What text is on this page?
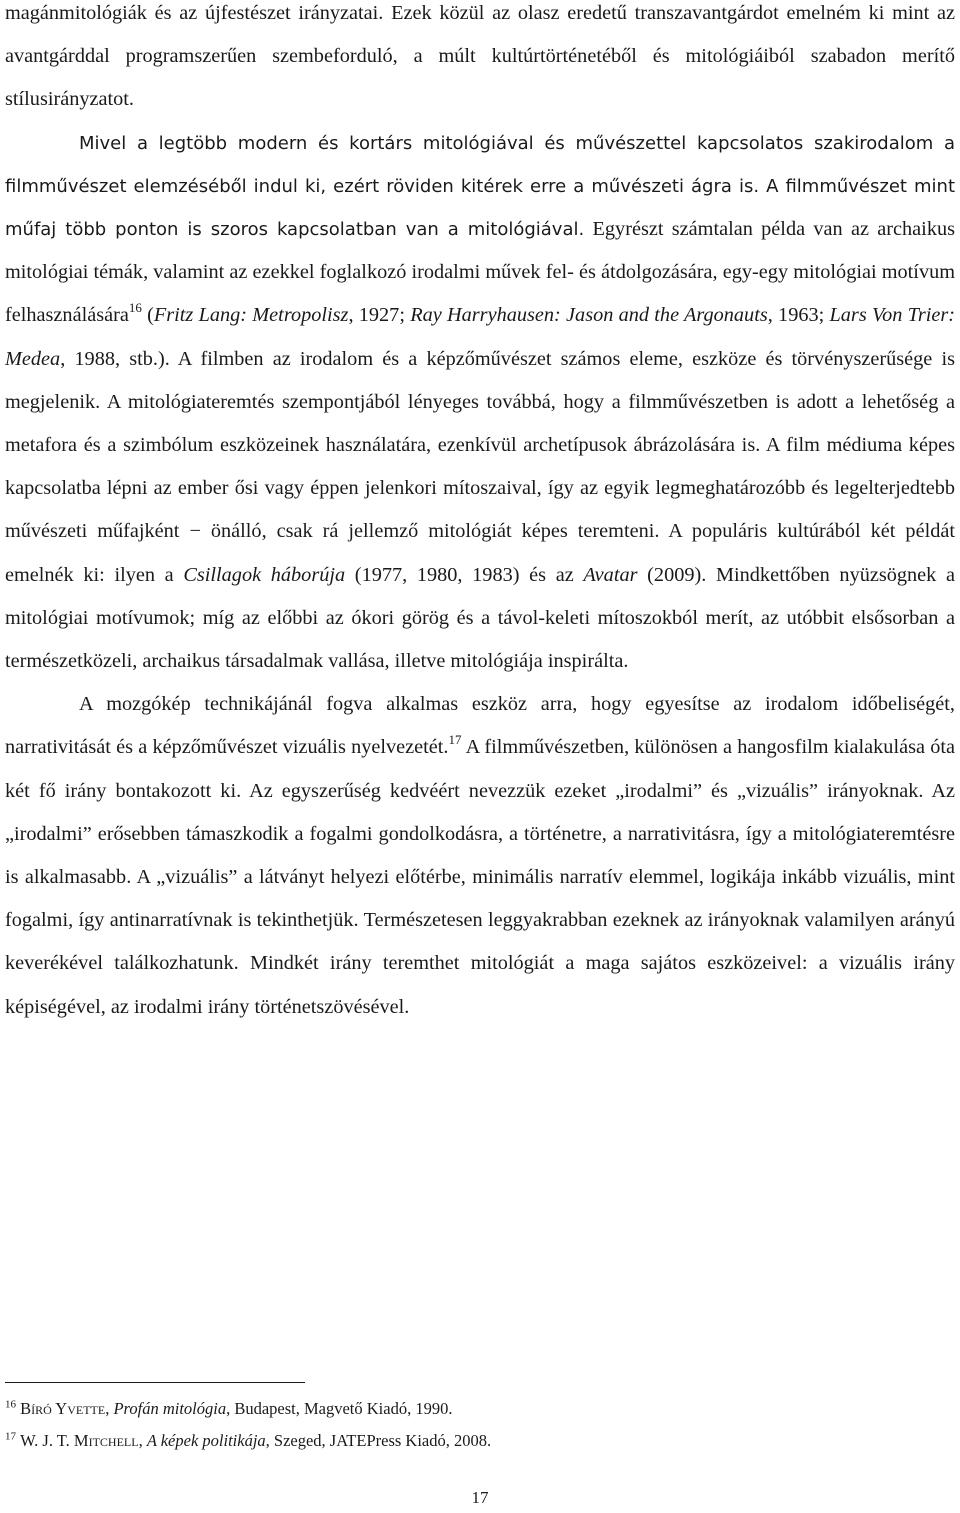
magánmitológiák és az újfestészet irányzatai. Ezek közül az olasz eredetű transzavantgárdot emelném ki mint az avantgárddal programszerűen szembeforduló, a múlt kultúrtörténetéből és mitológiáiból szabadon merítő stílusirányzatot.

Mivel a legtöbb modern és kortárs mitológiával és művészettel kapcsolatos szakirodalom a filmművészet elemzéséből indul ki, ezért röviden kitérek erre a művészeti ágra is. A filmművészet mint műfaj több ponton is szoros kapcsolatban van a mitológiával. Egyrészt számtalan példa van az archaikus mitológiai témák, valamint az ezekkel foglalkozó irodalmi művek fel- és átdolgozására, egy-egy mitológiai motívum felhasználására$^{16}$ (Fritz Lang: Metropolisz, 1927; Ray Harryhausen: Jason and the Argonauts, 1963; Lars Von Trier: Medea, 1988, stb.). A filmben az irodalom és a képzőművészet számos eleme, eszköze és törvényszerűsége is megjelenik. A mitológiateremtés szempontjából lényeges továbbá, hogy a filmművészetben is adott a lehetőség a metafora és a szimbólum eszközeinek használatára, ezenkívül archetípusok ábrázolására is. A film médiuma képes kapcsolatba lépni az ember ősi vagy éppen jelenkori mítoszaival, így az egyik legmeghatározóbb és legelterjedtebb művészeti műfajként − önálló, csak rá jellemző mitológiát képes teremteni. A populáris kultúrából két példát emelnék ki: ilyen a Csillagok háborúja (1977, 1980, 1983) és az Avatar (2009). Mindkettőben nyüzsögnek a mitológiai motívumok; míg az előbbi az ókori görög és a távol-keleti mítoszokból merít, az utóbbit elsősorban a természetközeli, archaikus társadalmak vallása, illetve mitológiája inspirálta.

A mozgókép technikájánál fogva alkalmas eszköz arra, hogy egyesítse az irodalom időbeliségét, narrativitását és a képzőművészet vizuális nyelvezetét.$^{17}$ A filmművészetben, különösen a hangosfilm kialakulása óta két fő irány bontakozott ki. Az egyszerűség kedvéért nevezzük ezeket „irodalmi” és „vizuális” irányoknak. Az „irodalmi” erősebben támaszkodik a fogalmi gondolkodásra, a történetre, a narrativitásra, így a mitológiateremtésre is alkalmasabb. A „vizuális” a látványt helyezi előtérbe, minimális narratív elemmel, logikája inkább vizuális, mint fogalmi, így antinarratívnak is tekinthetjük. Természetesen leggyakrabban ezeknek az irányoknak valamilyen arányú keverékével találkozhatunk. Mindkét irány teremthet mitológiát a maga sajátos eszközeivel: a vizuális irány képiségével, az irodalmi irány történetszövésével.

$^{16}$ Bíró Yvette, Profán mitológia, Budapest, Magvető Kiadó, 1990.

$^{17}$ W. J. T. Mitchell, A képek politikája, Szeged, JATEPress Kiadó, 2008.

17
